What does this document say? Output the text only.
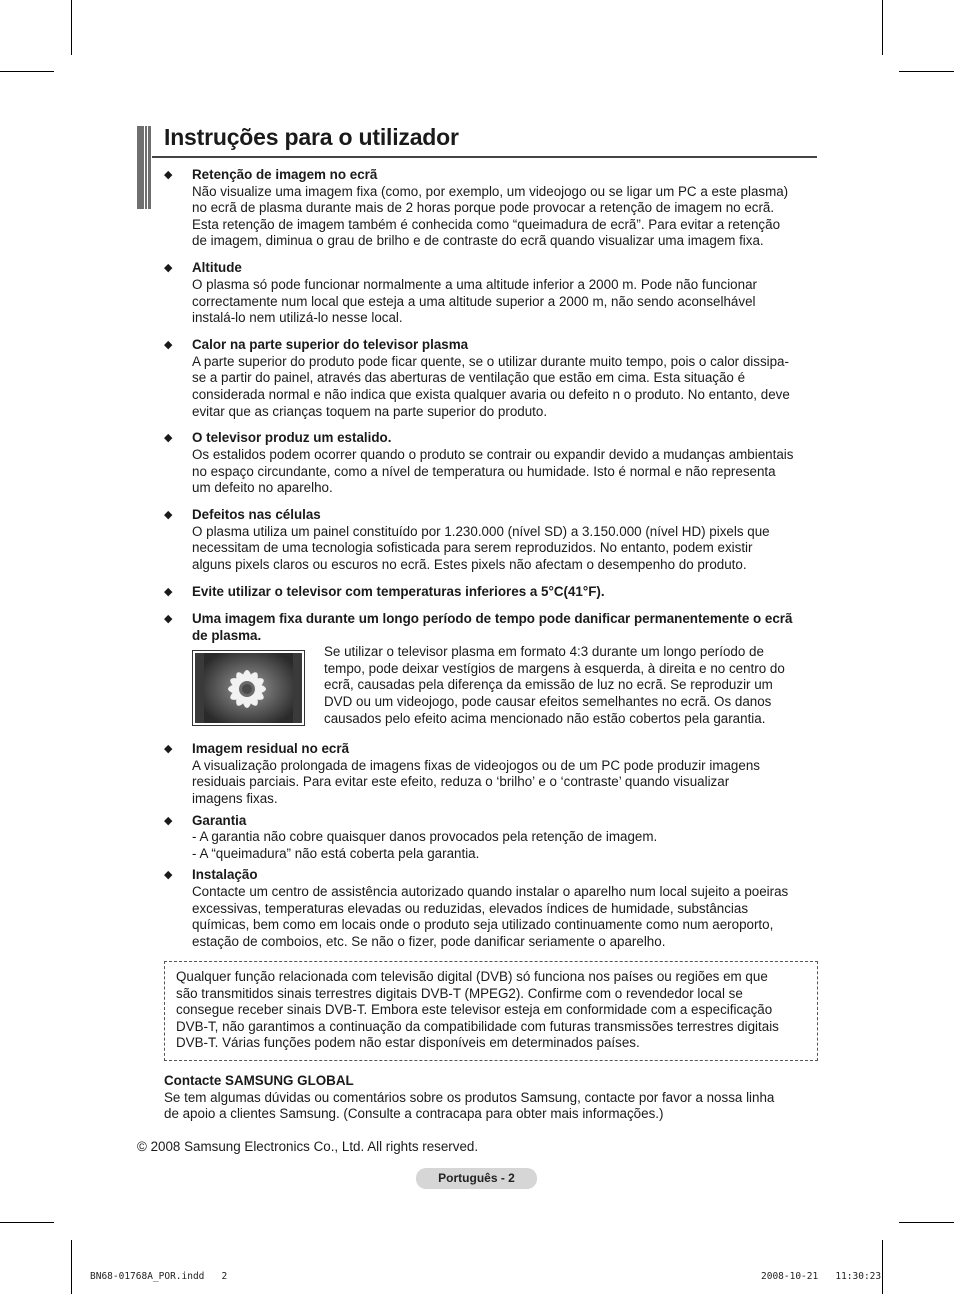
Instruções para o utilizador
◆ Retenção de imagem no ecrã
Não visualize uma imagem fixa (como, por exemplo, um videojogo ou se ligar um PC a este plasma)
no ecrã de plasma durante mais de 2 horas porque pode provocar a retenção de imagem no ecrã.
Esta retenção de imagem também é conhecida como “queimadura de ecrã”. Para evitar a retenção
de imagem, diminua o grau de brilho e de contraste do ecrã quando visualizar uma imagem fixa.
◆ Altitude
O plasma só pode funcionar normalmente a uma altitude inferior a 2000 m. Pode não funcionar
correctamente num local que esteja a uma altitude superior a 2000 m, não sendo aconselhável
instalá-lo nem utilizá-lo nesse local.
◆ Calor na parte superior do televisor plasma
A parte superior do produto pode ficar quente, se o utilizar durante muito tempo, pois o calor dissipa-
se a partir do painel, através das aberturas de ventilação que estão em cima. Esta situação é
considerada normal e não indica que exista qualquer avaria ou defeito n o produto. No entanto, deve
evitar que as crianças toquem na parte superior do produto.
◆ O televisor produz um estalido.
Os estalidos podem ocorrer quando o produto se contrair ou expandir devido a mudanças ambientais
no espaço circundante, como a nível de temperatura ou humidade. Isto é normal e não representa
um defeito no aparelho.
◆ Defeitos nas células
O plasma utiliza um painel constituído por 1.230.000 (nível SD) a 3.150.000 (nível HD) pixels que
necessitam de uma tecnologia sofisticada para serem reproduzidos. No entanto, podem existir
alguns pixels claros ou escuros no ecrã. Estes pixels não afectam o desempenho do produto.
◆ Evite utilizar o televisor com temperaturas inferiores a 5°C(41°F).
◆ Uma imagem fixa durante um longo período de tempo pode danificar permanentemente o ecrã
de plasma.
Se utilizar o televisor plasma em formato 4:3 durante um longo período de
tempo, pode deixar vestígios de margens à esquerda, à direita e no centro do
ecrã, causadas pela diferença da emissão de luz no ecrã. Se reproduzir um
DVD ou um videojogo, pode causar efeitos semelhantes no ecrã. Os danos
causados pelo efeito acima mencionado não estão cobertos pela garantia.
◆ Imagem residual no ecrã
A visualização prolongada de imagens fixas de videojogos ou de um PC pode produzir imagens
residuais parciais. Para evitar este efeito, reduza o ‘brilho’ e o ‘contraste’ quando visualizar
imagens fixas.
◆ Garantia
- A garantia não cobre quaisquer danos provocados pela retenção de imagem.
- A “queimadura” não está coberta pela garantia.
◆ Instalação
Contacte um centro de assistência autorizado quando instalar o aparelho num local sujeito a poeiras
excessivas, temperaturas elevadas ou reduzidas, elevados índices de humidade, substâncias
químicas, bem como em locais onde o produto seja utilizado continuamente como num aeroporto,
estação de comboios, etc. Se não o fizer, pode danificar seriamente o aparelho.
Qualquer função relacionada com televisão digital (DVB) só funciona nos países ou regiões em que
são transmitidos sinais terrestres digitais DVB-T (MPEG2). Confirme com o revendedor local se
consegue receber sinais DVB-T. Embora este televisor esteja em conformidade com a especificação
DVB-T, não garantimos a continuação da compatibilidade com futuras transmissões terrestres digitais
DVB-T. Várias funções podem não estar disponíveis em determinados países.
Contacte SAMSUNG GLOBAL
Se tem algumas dúvidas ou comentários sobre os produtos Samsung, contacte por favor a nossa linha
de apoio a clientes Samsung. (Consulte a contracapa para obter mais informações.)
© 2008 Samsung Electronics Co., Ltd. All rights reserved.
Português - 2
BN68-01768A_POR.indd   2	2008-10-21   11:30:23
